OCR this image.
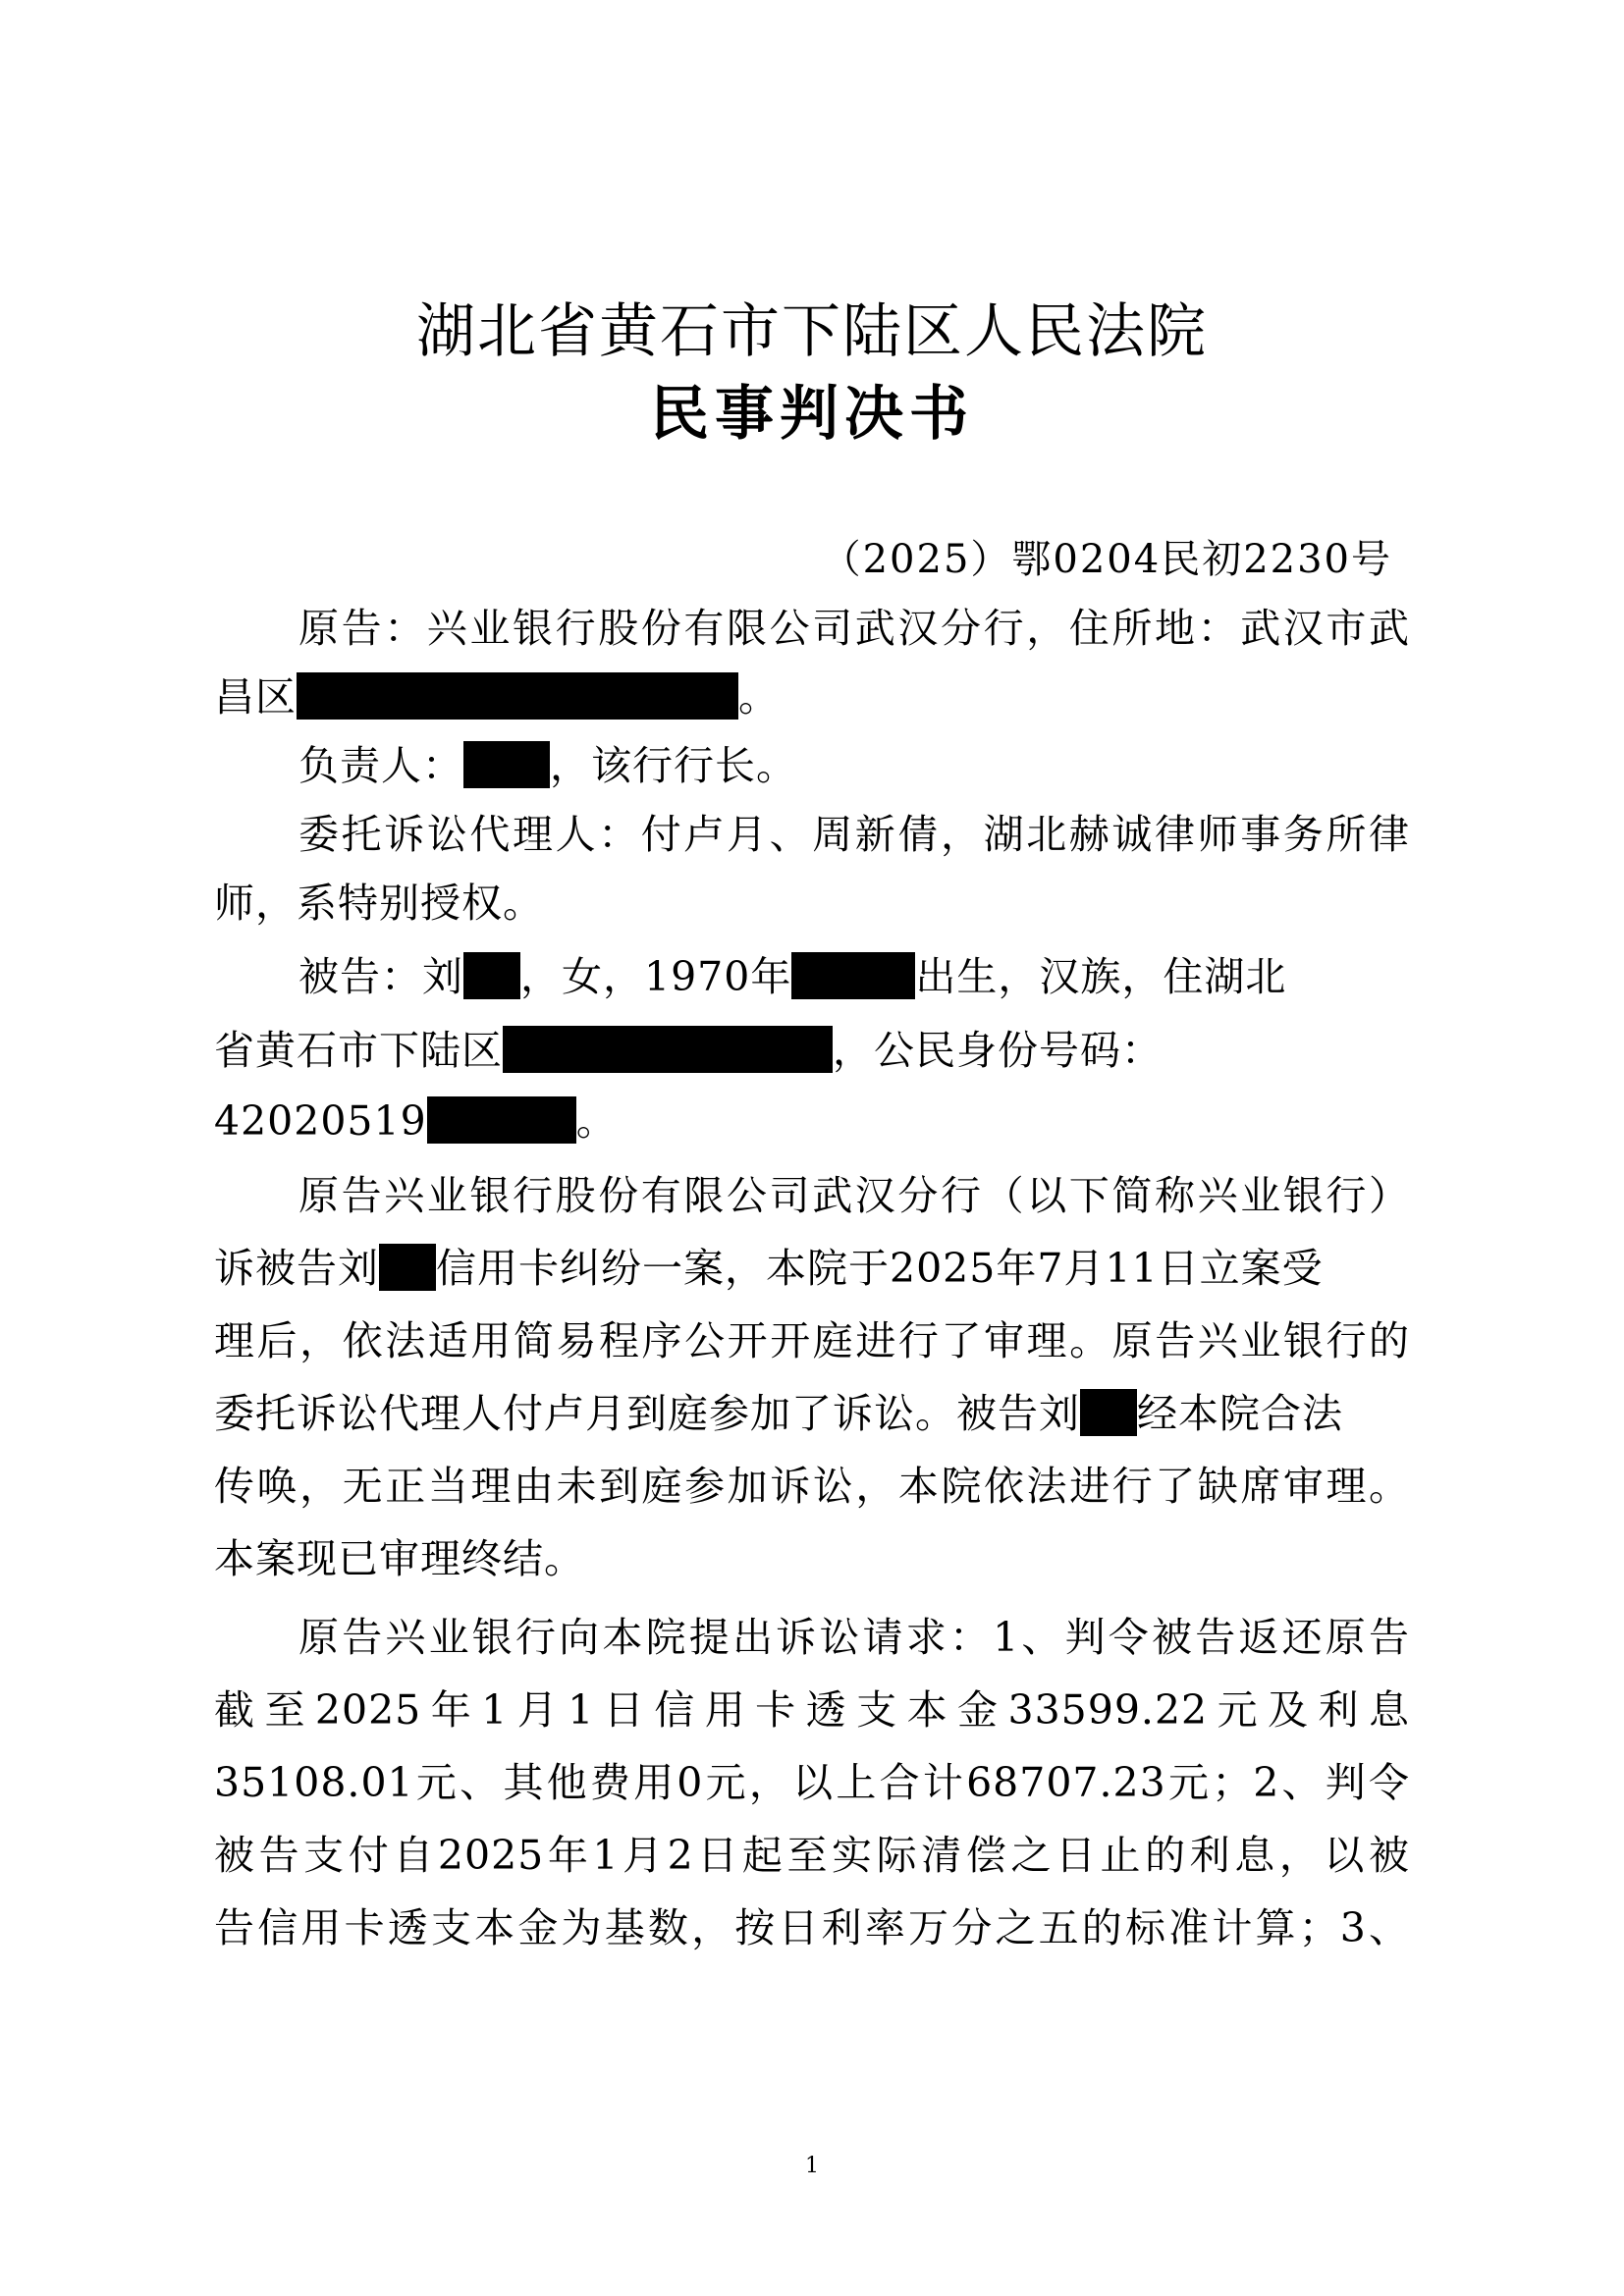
湖北省黄石市下陆区人民法院
民事判决书
（2025）鄂0204民初2230号
原告：兴业银行股份有限公司武汉分行，住所地：武汉市武
昌区	。
负责人： ，该行行长。
委托诉讼代理人：付卢月、周新倩，湖北赫诚律师事务所律
师，系特别授权。
被告：刘 ，女，1970年	出生，汉族，住湖北
省黄石市下陆区	，公民身份号码：
42020519	。
原告兴业银行股份有限公司武汉分行（以下简称兴业银行）
诉被告刘 信用卡纠纷一案，本院于2025年7月11日立案受
理后，依法适用简易程序公开开庭进行了审理。原告兴业银行的
委托诉讼代理人付卢月到庭参加了诉讼。被告刘 经本院合法
传唤，无正当理由未到庭参加诉讼，本院依法进行了缺席审理。
本案现已审理终结。
原告兴业银行向本院提出诉讼请求：1、判令被告返还原告
截至2025年1月1日信用卡透支本金33599.22元及利息
35108.01元、其他费用0元，以上合计68707.23元；2、判令
被告支付自2025年1月2日起至实际清偿之日止的利息，以被
告信用卡透支本金为基数，按日利率万分之五的标准计算；3、
1
